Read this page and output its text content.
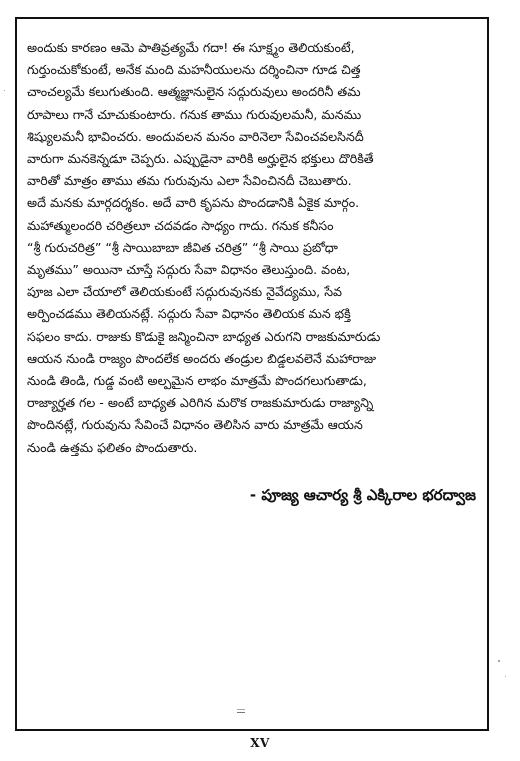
అందుకు కారణం ఆమె పాతివ్రత్యమే గదా! ఈ సూక్ష్మం తెలియకుంటే,
గుర్తుంచుకోకుంటే, అనేక మంది మహనీయులను దర్శించినా గూడ చిత్త
చాంచల్యమే కలుగుతుంది. ఆత్మజ్ఞానులైన సద్గురువులు అందరినీ తమ
రూపాలు గానే చూచుకుంటారు. గనుక తాము గురువులమనీ, మనము
శిష్యులమనీ భావించరు. అందువలన మనం వారినెలా సేవించవలసినదీ
వారుగా మనకెన్నడూ చెప్పరు. ఎప్పుడైనా వారికి అర్హులైన భక్తులు దొరికితే
వారితో మాత్రం తాము తమ గురువును ఎలా సేవించినదీ చెబుతారు.
అదే మనకు మార్గదర్శకం. అదే వారి కృపను పొందడానికి ఏకైక మార్గం.
మహాత్ములందరి చరిత్రలూ చదవడం సాధ్యం గాదు. గనుక కనీసం
“శ్రీ గురుచరిత్ర” “శ్రీ సాయిబాబా జీవిత చరిత్ర” “శ్రీ సాయి ప్రబోధా
మృతము” అయినా చూస్తే సద్గురు సేవా విధానం తెలుస్తుంది. వంట,
పూజ ఎలా చేయాలో తెలియకుంటే సద్గురువునకు నైవేద్యము, సేవ
అర్పించడము తెలియనట్లే. సద్గురు సేవా విధానం తెలియక మన భక్తి
సఫలం కాదు. రాజుకు కొడుకై జన్మించినా బాధ్యత ఎరుగని రాజకుమారుడు
ఆయన నుండి రాజ్యం పొందలేక అందరు తండ్రుల బిడ్డలవలెనే మహారాజు
నుండి తిండి, గుడ్డ వంటి అల్పమైన లాభం మాత్రమే పొందగలుగుతాడు,
రాజ్యార్హత గల - అంటే బాధ్యత ఎరిగిన మరొక రాజకుమారుడు రాజ్యాన్ని
పొందినట్లే, గురువును సేవించే విధానం తెలిసిన వారు మాత్రమే ఆయన
నుండి ఉత్తమ ఫలితం పొందుతారు.
- పూజ్య ఆచార్య శ్రీ ఎక్కిరాల భరద్వాజ
XV
